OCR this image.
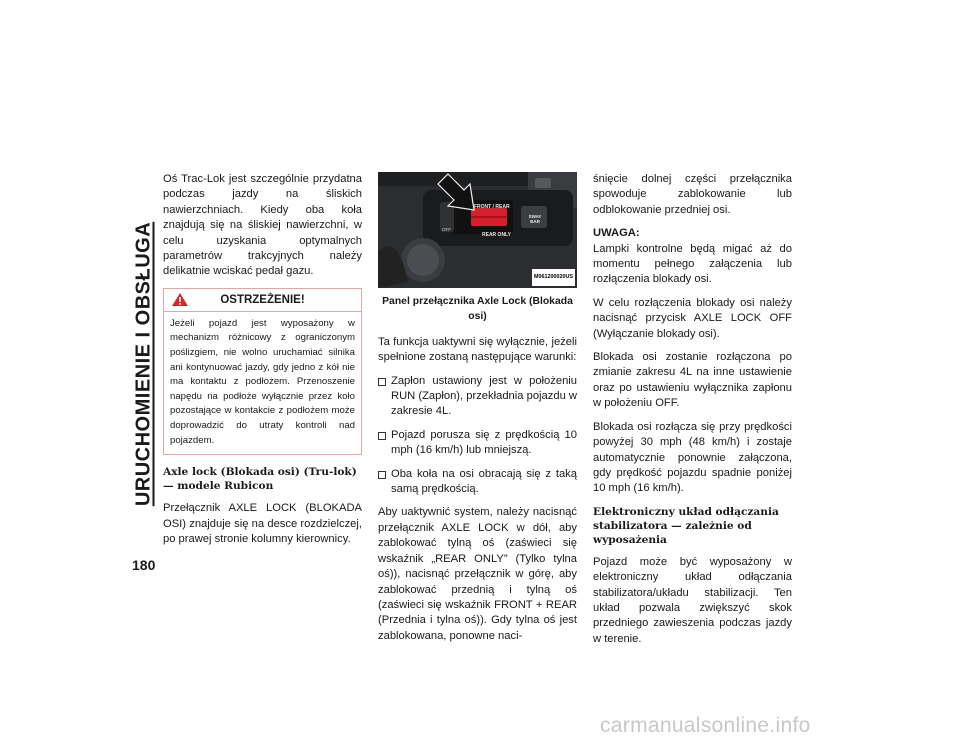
URUCHOMIENIE I OBSŁUGA
180

Oś Trac-Lok jest szczególnie przydatna podczas jazdy na śliskich nawierzchniach. Kiedy oba koła znajdują się na śliskiej nawierzchni, w celu uzyskania optymalnych parametrów trakcyjnych należy delikatnie wciskać pedał gazu.

OSTRZEŻENIE!
Jeżeli pojazd jest wyposażony w mechanizm różnicowy z ograniczonym poślizgiem, nie wolno uruchamiać silnika ani kontynuować jazdy, gdy jedno z kół nie ma kontaktu z podłożem. Przenoszenie napędu na podłoże wyłącznie przez koło pozostające w kontakcie z podłożem może doprowadzić do utraty kontroli nad pojazdem.
Axle lock (Blokada osi) (Tru-lok) — modele Rubicon

Przełącznik AXLE LOCK (BLOKADA OSI) znajduje się na desce rozdzielczej, po prawej stronie kolumny kierownicy.

FRONT / REAR
REAR ONLY
SWAY BAR
OFF
M061200020US
Panel przełącznika Axle Lock (Blokada osi)

Ta funkcja uaktywni się wyłącznie, jeżeli spełnione zostaną następujące warunki:

Zapłon ustawiony jest w położeniu RUN (Zapłon), przekładnia pojazdu w zakresie 4L.
Pojazd porusza się z prędkością 10 mph (16 km/h) lub mniejszą.
Oba koła na osi obracają się z taką samą prędkością.

Aby uaktywnić system, należy nacisnąć przełącznik AXLE LOCK w dół, aby zablokować tylną oś (zaświeci się wskaźnik „REAR ONLY” (Tylko tylna oś)), nacisnąć przełącznik w górę, aby zablokować przednią i tylną oś (zaświeci się wskaźnik FRONT + REAR (Przednia i tylna oś)). Gdy tylna oś jest zablokowana, ponowne naci-

śnięcie dolnej części przełącznika spowoduje zablokowanie lub odblokowanie przedniej osi.

UWAGA:
Lampki kontrolne będą migać aż do momentu pełnego załączenia lub rozłączenia blokady osi.

W celu rozłączenia blokady osi należy nacisnąć przycisk AXLE LOCK OFF (Wyłączanie blokady osi).

Blokada osi zostanie rozłączona po zmianie zakresu 4L na inne ustawienie oraz po ustawieniu wyłącznika zapłonu w położeniu OFF.

Blokada osi rozłącza się przy prędkości powyżej 30 mph (48 km/h) i zostaje automatycznie ponownie załączona, gdy prędkość pojazdu spadnie poniżej 10 mph (16 km/h).

Elektroniczny układ odłączania stabilizatora — zależnie od wyposażenia

Pojazd może być wyposażony w elektroniczny układ odłączania stabilizatora/układu stabilizacji. Ten układ pozwala zwiększyć skok przedniego zawieszenia podczas jazdy w terenie.

carmanualsonline.info
